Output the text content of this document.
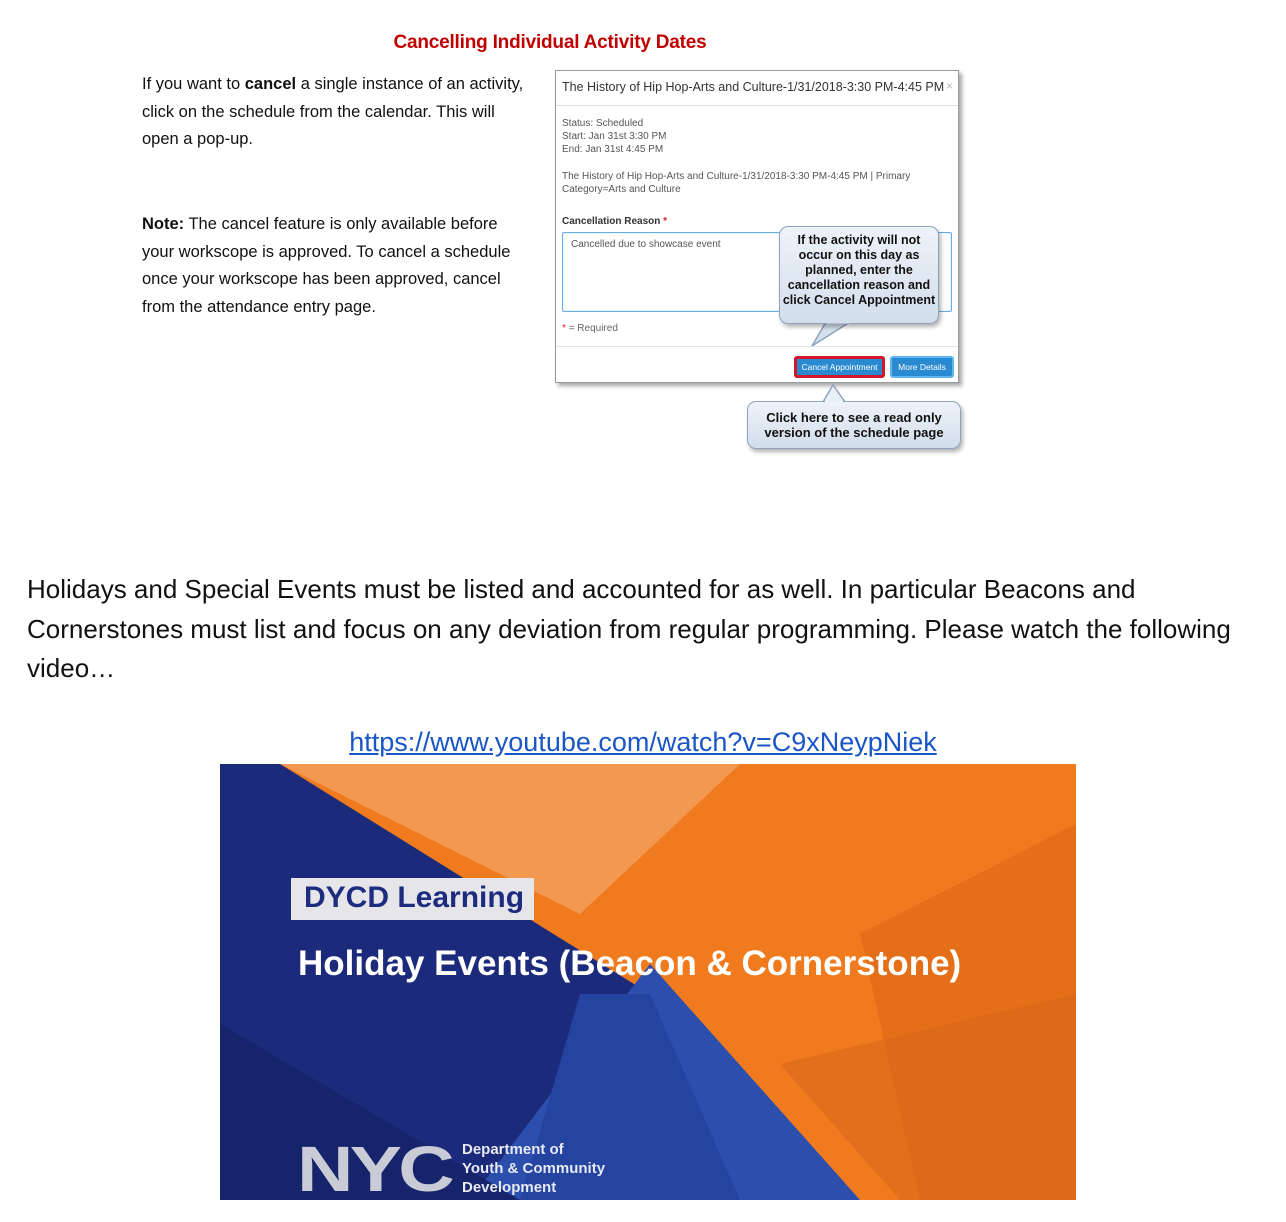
Cancelling Individual Activity Dates
If you want to cancel a single instance of an activity, click on the schedule from the calendar. This will open a pop-up.
Note: The cancel feature is only available before your workscope is approved. To cancel a schedule once your workscope has been approved, cancel from the attendance entry page.
The History of Hip Hop-Arts and Culture-1/31/2018-3:30 PM-4:45 PM ×
Status: Scheduled
Start: Jan 31st 3:30 PM
End: Jan 31st 4:45 PM
The History of Hip Hop-Arts and Culture-1/31/2018-3:30 PM-4:45 PM | Primary Category=Arts and Culture
Cancellation Reason *
Cancelled due to showcase event
* = Required
Cancel Appointment	More Details
If the activity will not occur on this day as planned, enter the cancellation reason and click Cancel Appointment
Click here to see a read only version of the schedule page
Holidays and Special Events must be listed and accounted for as well. In particular Beacons and Cornerstones must list and focus on any deviation from regular programming. Please watch the following video…
https://www.youtube.com/watch?v=C9xNeypNiek
DYCD Learning
Holiday Events (Beacon & Cornerstone)
NYC Department of
Youth & Community
Development
